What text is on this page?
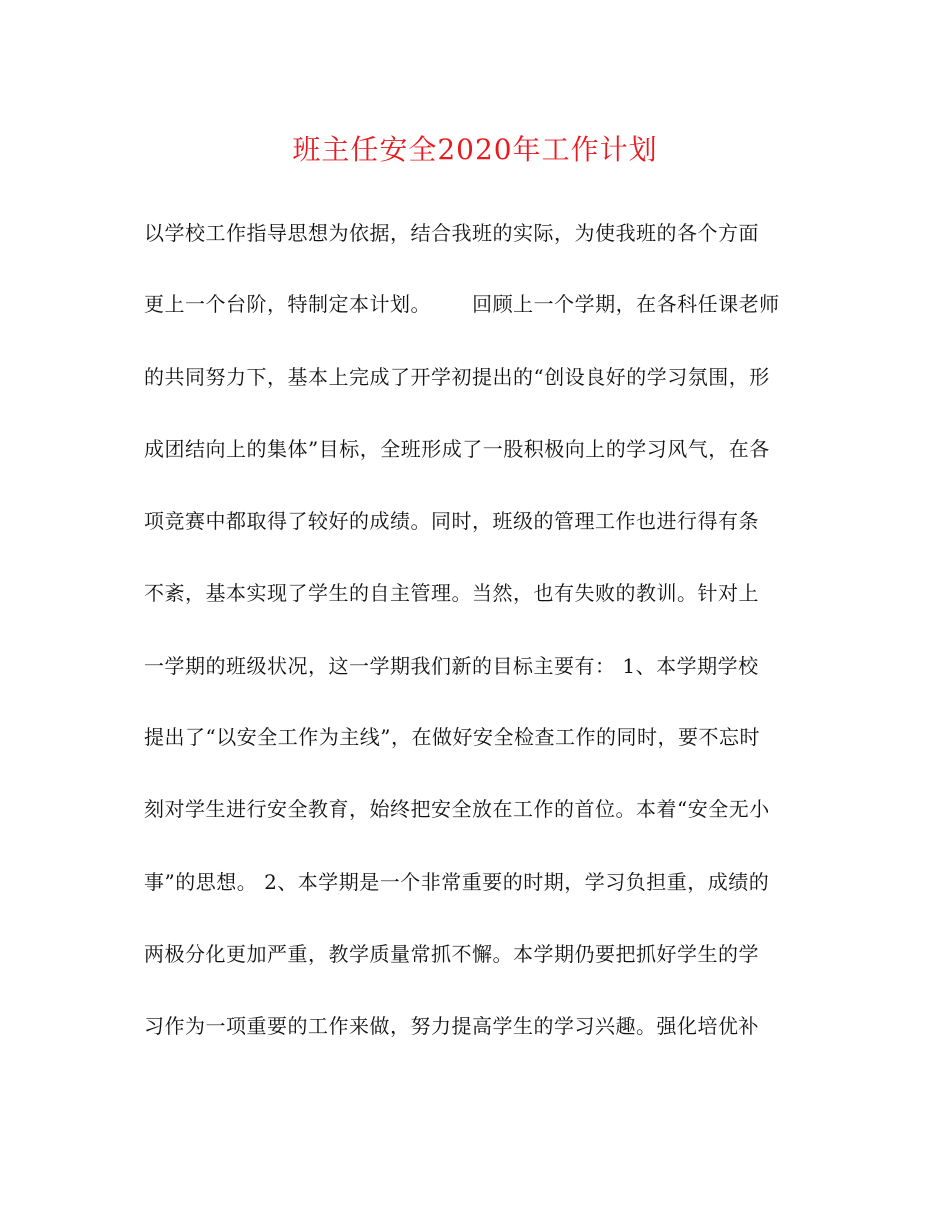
班主任安全2020年工作计划
以学校工作指导思想为依据，结合我班的实际，为使我班的各个方面
更上一个台阶，特制定本计划。      回顾上一个学期，在各科任课老师
的共同努力下，基本上完成了开学初提出的“创设良好的学习氛围，形
成团结向上的集体”目标，全班形成了一股积极向上的学习风气，在各
项竞赛中都取得了较好的成绩。同时，班级的管理工作也进行得有条
不紊，基本实现了学生的自主管理。当然，也有失败的教训。针对上
一学期的班级状况，这一学期我们新的目标主要有： 1、本学期学校
提出了“以安全工作为主线”，在做好安全检查工作的同时，要不忘时
刻对学生进行安全教育，始终把安全放在工作的首位。本着“安全无小
事”的思想。 2、本学期是一个非常重要的时期，学习负担重，成绩的
两极分化更加严重，教学质量常抓不懈。本学期仍要把抓好学生的学
习作为一项重要的工作来做，努力提高学生的学习兴趣。强化培优补
